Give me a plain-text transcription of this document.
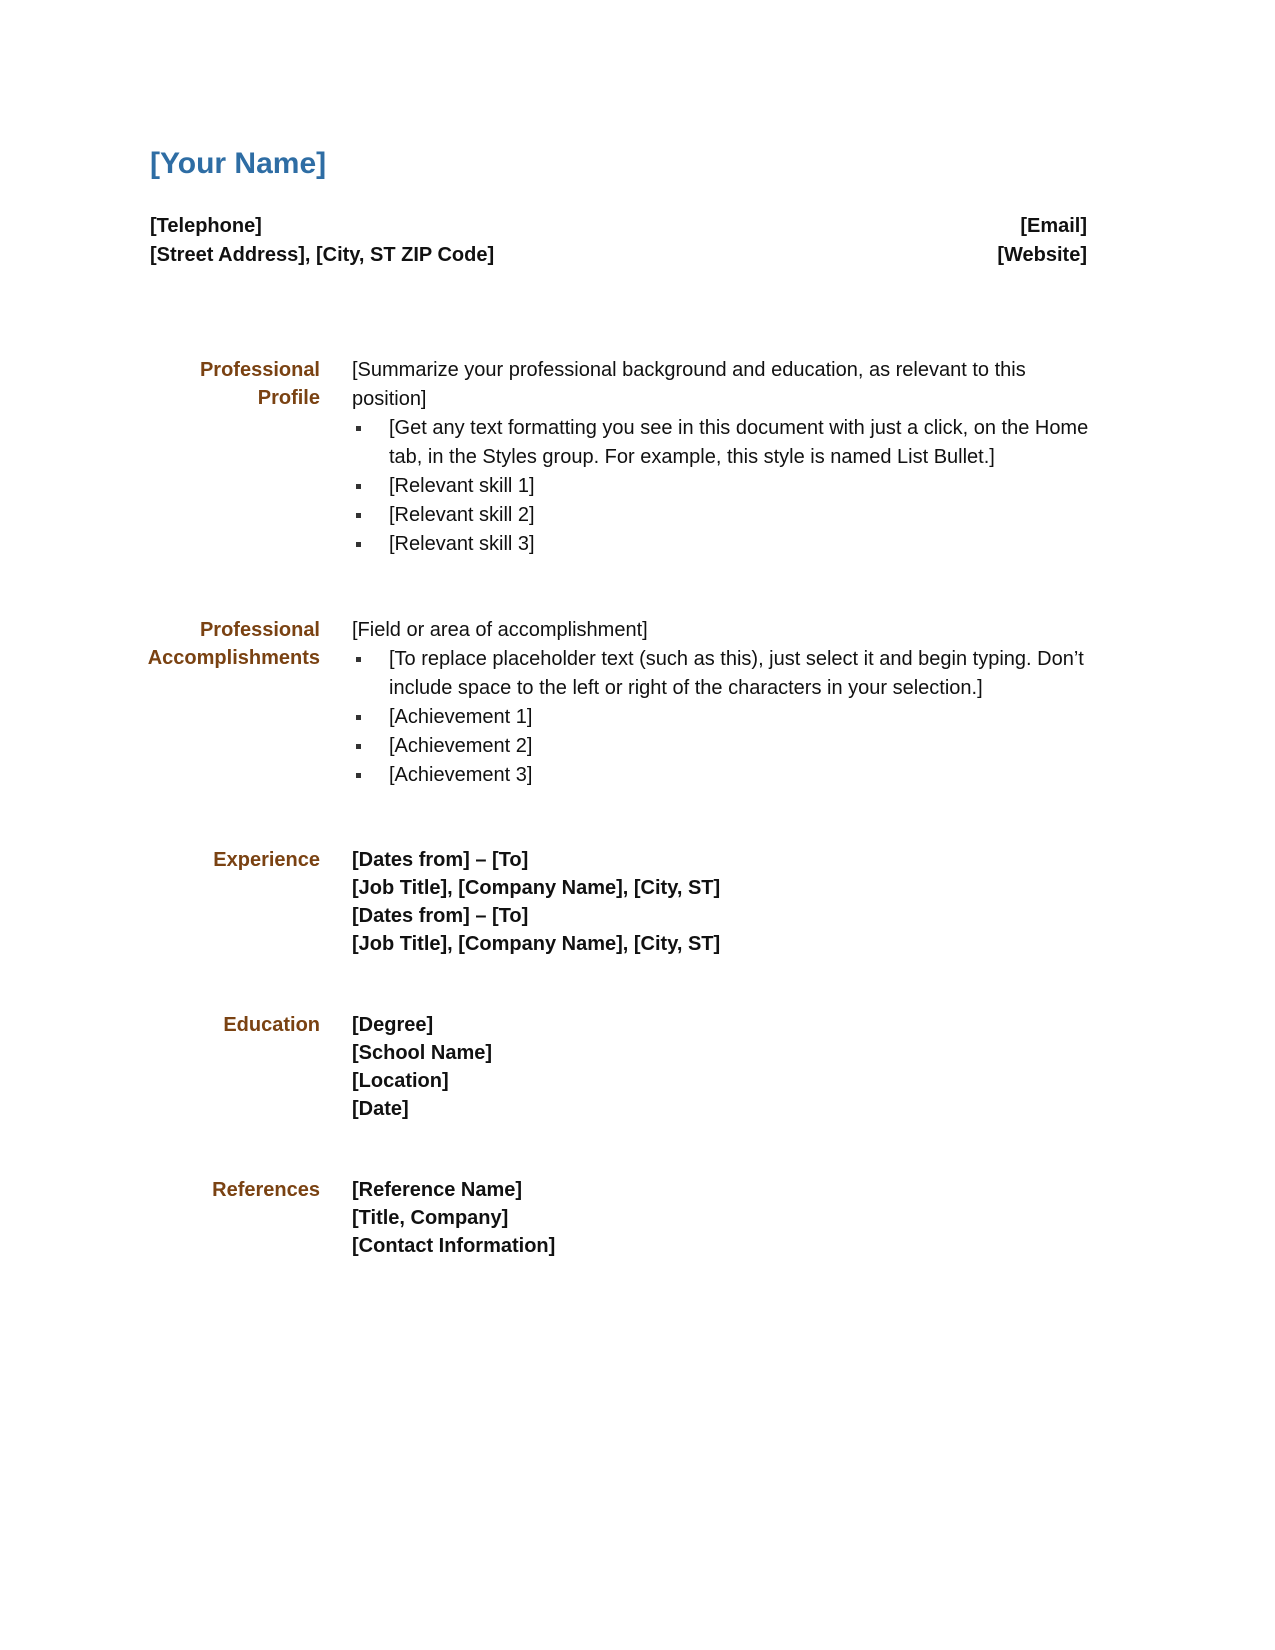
[Your Name]
[Telephone]
[Street Address], [City, ST ZIP Code]
[Email]
[Website]
Professional
Profile
[Summarize your professional background and education, as relevant to this position]
[Get any text formatting you see in this document with just a click, on the Home tab, in the Styles group. For example, this style is named List Bullet.]
[Relevant skill 1]
[Relevant skill 2]
[Relevant skill 3]
Professional
Accomplishments
[Field or area of accomplishment]
[To replace placeholder text (such as this), just select it and begin typing. Don’t include space to the left or right of the characters in your selection.]
[Achievement 1]
[Achievement 2]
[Achievement 3]
Experience [Dates from] – [To]
[Job Title], [Company Name], [City, ST]
[Dates from] – [To]
[Job Title], [Company Name], [City, ST]
Education [Degree]
[School Name]
[Location]
[Date]
References [Reference Name]
[Title, Company]
[Contact Information]
